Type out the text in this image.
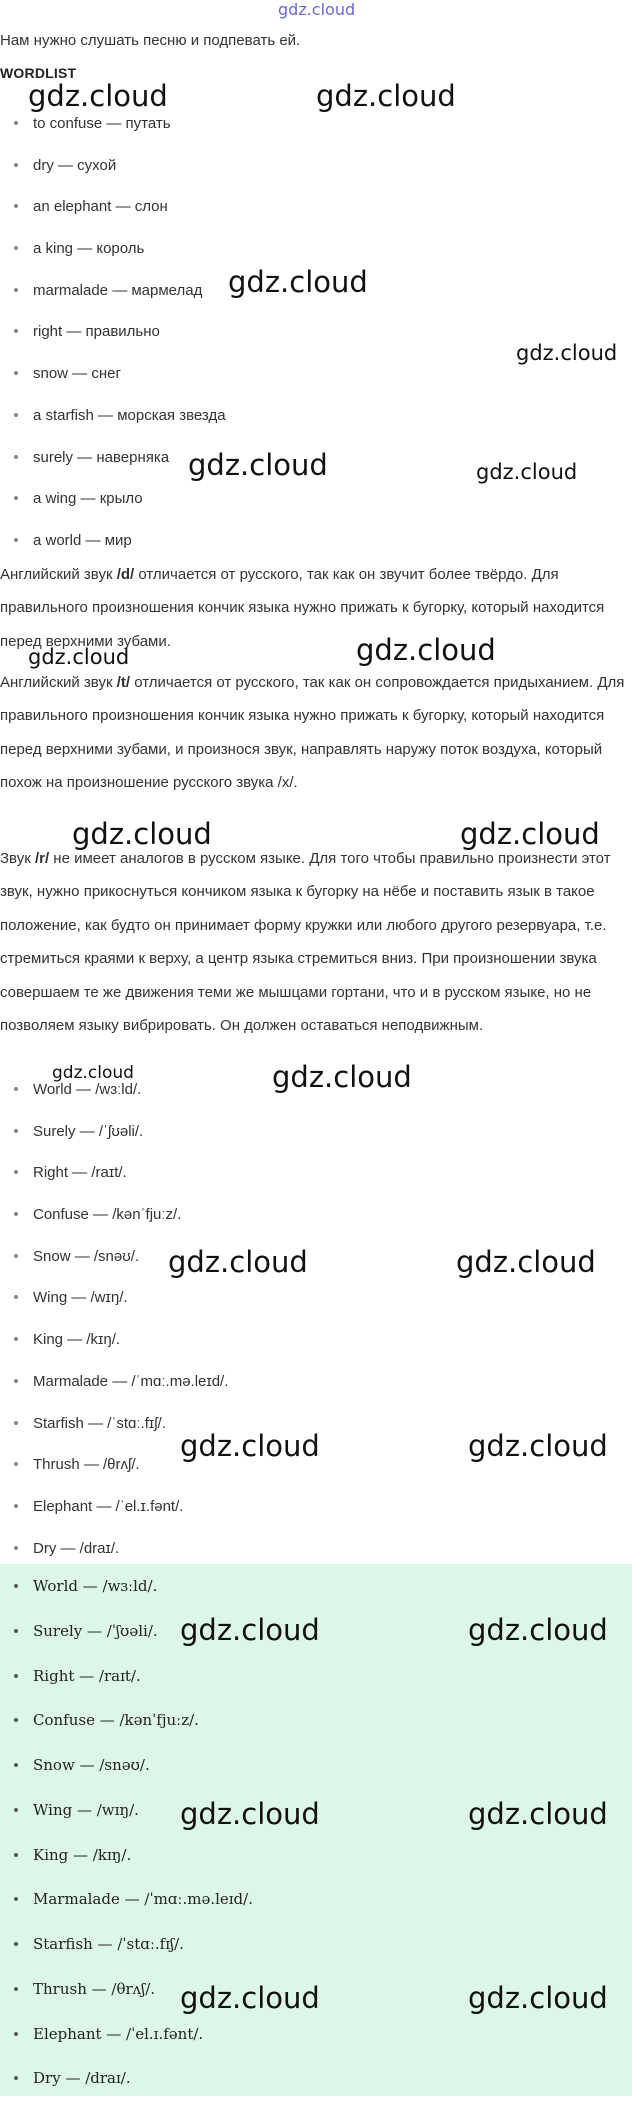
gdz.cloud
gdz.cloud	gdz.cloud
gdz.cloud
gdz.cloud
gdz.cloud	gdz.cloud
gdz.cloud	gdz.cloud
gdz.cloud	gdz.cloud
gdz.cloud	gdz.cloud
gdz.cloud	gdz.cloud
gdz.cloud	gdz.cloud
gdz.cloud	gdz.cloud
gdz.cloud	gdz.cloud
gdz.cloud	gdz.cloud
Нам нужно слушать песню и подпевать ей.
WORDLIST
to confuse — путать
dry — сухой
an elephant — слон
a king — король
marmalade — мармелад
right — правильно
snow — снег
a starfish — морская звезда
surely — наверняка
a wing — крыло
a world — мир

Английский звук /d/ отличается от русского, так как он звучит более твёрдо. Для правильного произношения кончик языка нужно прижать к бугорку, который находится перед верхними зубами.

Английский звук /t/ отличается от русского, так как он сопровождается придыханием. Для правильного произношения кончик языка нужно прижать к бугорку, который находится перед верхними зубами, и произнося звук, направлять наружу поток воздуха, который похож на произношение русского звука /х/.

Звук /r/ не имеет аналогов в русском языке. Для того чтобы правильно произнести этот звук, нужно прикоснуться кончиком языка к бугорку на нёбе и поставить язык в такое положение, как будто он принимает форму кружки или любого другого резервуара, т.е. стремиться краями к верху, а центр языка стремиться вниз. При произношении звука совершаем те же движения теми же мышцами гортани, что и в русском языке, но не позволяем языку вибрировать. Он должен оставаться неподвижным.

World — /wɜːld/.
Surely — /ˈʃʊəli/.
Right — /raɪt/.
Confuse — /kənˈfjuːz/.
Snow — /snəʊ/.
Wing — /wɪŋ/.
King — /kɪŋ/.
Marmalade — /ˈmɑː.mə.leɪd/.
Starfish — /ˈstɑː.fɪʃ/.
Thrush — /θrʌʃ/.
Elephant — /ˈel.ɪ.fənt/.
Dry — /draɪ/.
World — /wɜːld/.
Surely — /ˈʃʊəli/.
Right — /raɪt/.
Confuse — /kənˈfjuːz/.
Snow — /snəʊ/.
Wing — /wɪŋ/.
King — /kɪŋ/.
Marmalade — /ˈmɑː.mə.leɪd/.
Starfish — /ˈstɑː.fɪʃ/.
Thrush — /θrʌʃ/.
Elephant — /ˈel.ɪ.fənt/.
Dry — /draɪ/.
